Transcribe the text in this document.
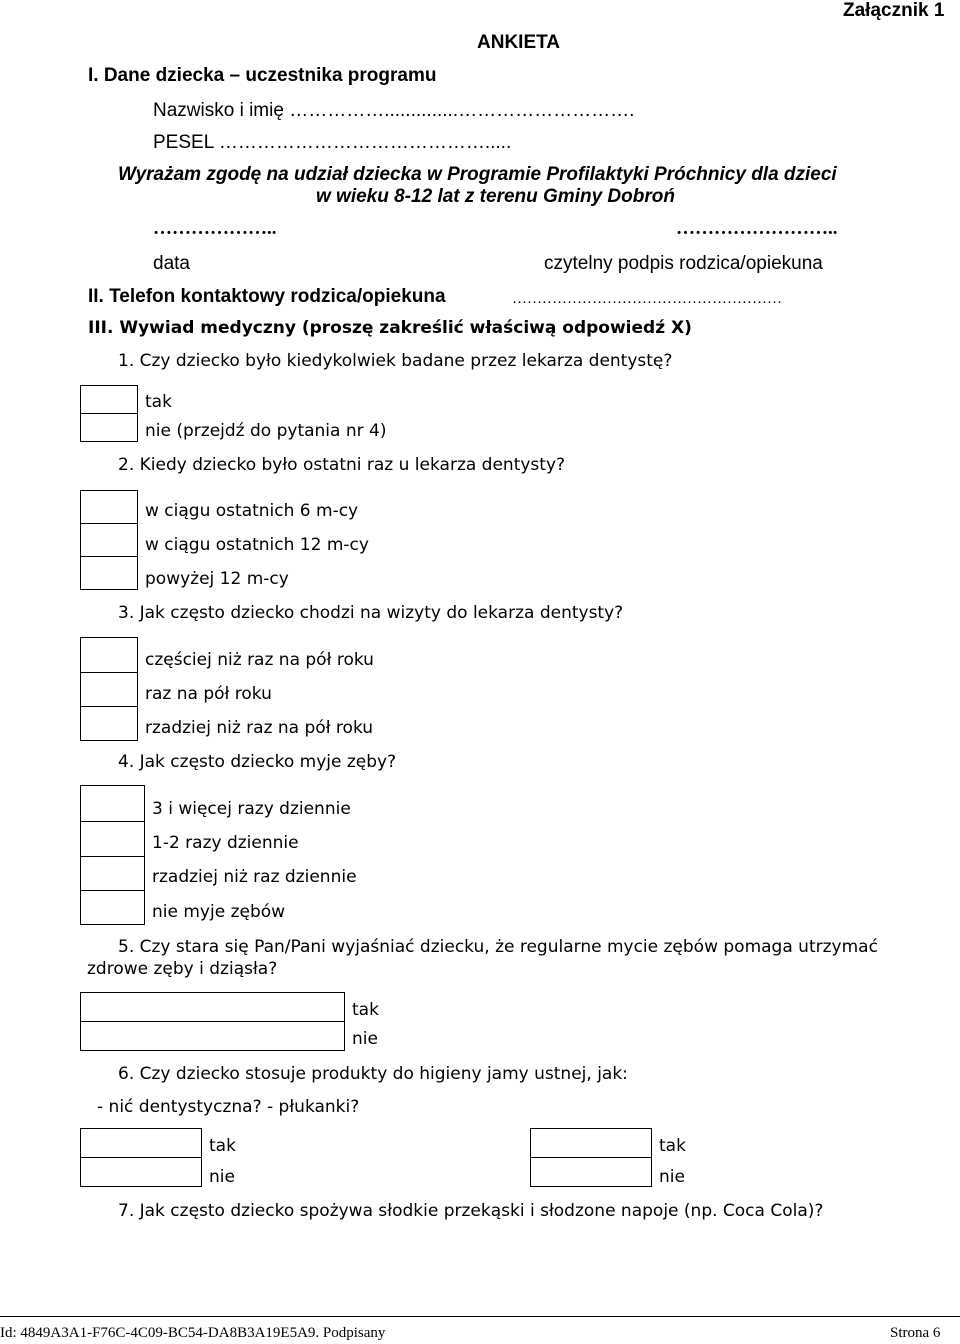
Załącznik 1
ANKIETA
I. Dane dziecka – uczestnika programu
Nazwisko i imię ……………..............……………………….
PESEL …………………………………….....
Wyrażam zgodę na udział dziecka w Programie Profilaktyki Próchnicy dla dzieci
w wieku 8-12 lat z terenu Gminy Dobroń
………………..	……………………..
data	czytelny podpis rodzica/opiekuna
II. Telefon kontaktowy rodzica/opiekuna	………………………………………………
III. Wywiad medyczny (proszę zakreślić właściwą odpowiedź X)
1. Czy dziecko było kiedykolwiek badane przez lekarza dentystę?
tak
nie (przejdź do pytania nr 4)
2. Kiedy dziecko było ostatni raz u lekarza dentysty?
w ciągu ostatnich 6 m-cy
w ciągu ostatnich 12 m-cy
powyżej 12 m-cy
3. Jak często dziecko chodzi na wizyty do lekarza dentysty?
częściej niż raz na pół roku
raz na pół roku
rzadziej niż raz na pół roku
4. Jak często dziecko myje zęby?
3 i więcej razy dziennie
1-2 razy dziennie
rzadziej niż raz dziennie
nie myje zębów
5. Czy stara się Pan/Pani wyjaśniać dziecku, że regularne mycie zębów pomaga utrzymać
zdrowe zęby i dziąsła?
tak
nie
6. Czy dziecko stosuje produkty do higieny jamy ustnej, jak:
- nić dentystyczna? - płukanki?
tak
nie
tak
nie
7. Jak często dziecko spożywa słodkie przekąski i słodzone napoje (np. Coca Cola)?
Id: 4849A3A1-F76C-4C09-BC54-DA8B3A19E5A9. Podpisany	Strona 6
